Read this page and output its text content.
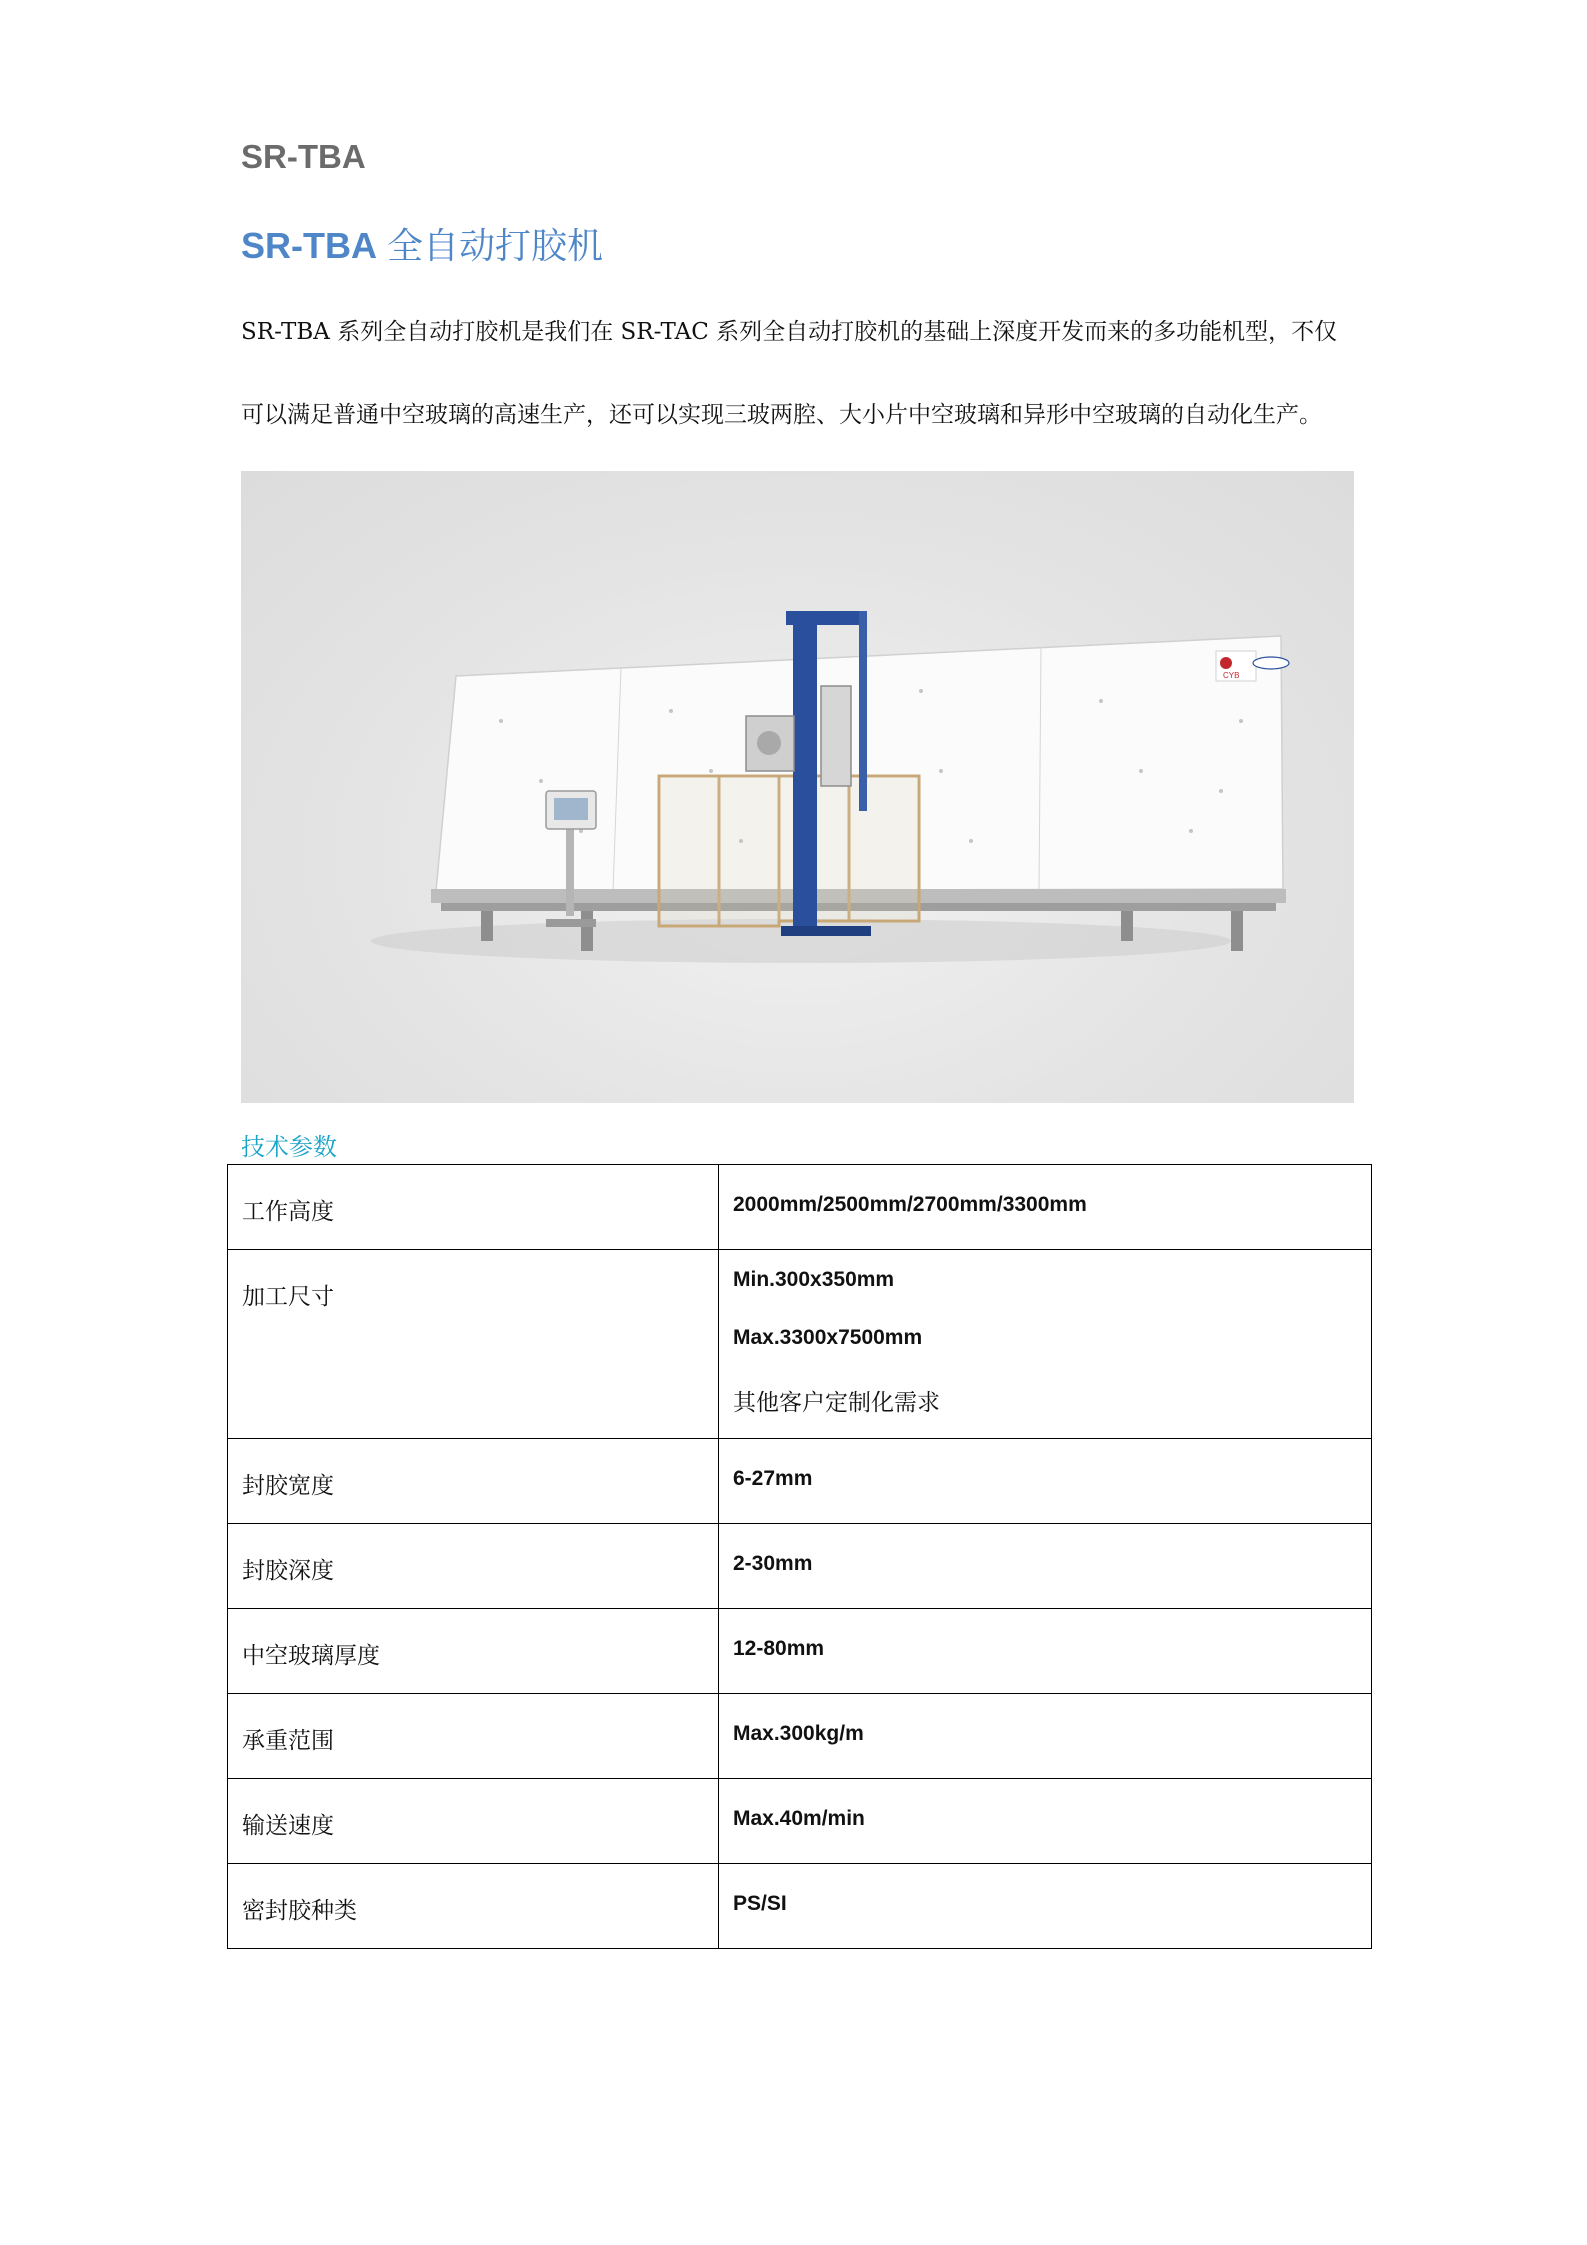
SR-TBA
SR-TBA 全自动打胶机
SR-TBA 系列全自动打胶机是我们在 SR-TAC 系列全自动打胶机的基础上深度开发而来的多功能机型，不仅
可以满足普通中空玻璃的高速生产，还可以实现三玻两腔、大小片中空玻璃和异形中空玻璃的自动化生产。
CYB
技术参数
工作高度	2000mm/2500mm/2700mm/3300mm

加工尺寸	Min.300x350mm
Max.3300x7500mm
其他客户定制化需求

封胶宽度	6-27mm

封胶深度	2-30mm

中空玻璃厚度	12-80mm

承重范围	Max.300kg/m

输送速度	Max.40m/min

密封胶种类	PS/SI
